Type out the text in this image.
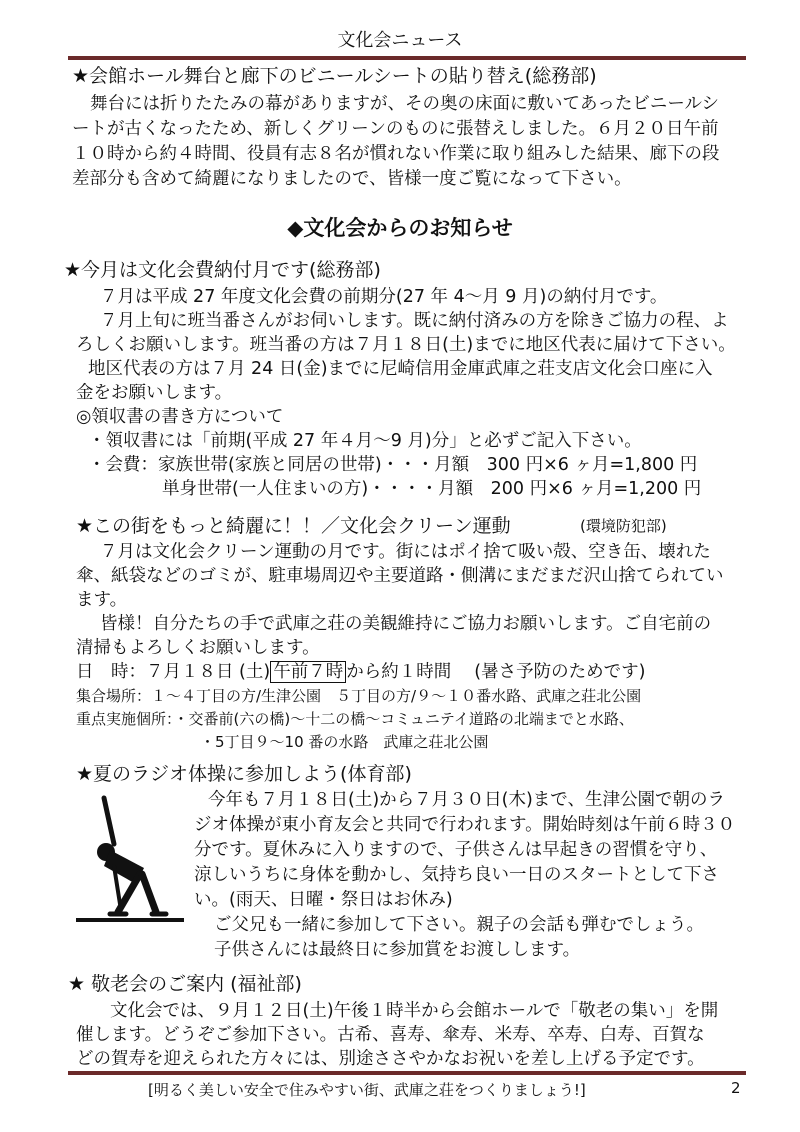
文化会ニュース
★会館ホール舞台と廊下のビニールシートの貼り替え(総務部)
舞台には折りたたみの幕がありますが、その奥の床面に敷いてあったビニールシ
ートが古くなったため、新しくグリーンのものに張替えしました。６月２０日午前
１０時から約４時間、役員有志８名が慣れない作業に取り組みした結果、廊下の段
差部分も含めて綺麗になりましたので、皆様一度ご覧になって下さい。
◆文化会からのお知らせ
★今月は文化会費納付月です(総務部)
７月は平成 27 年度文化会費の前期分(27 年 4～月 9 月)の納付月です。
７月上旬に班当番さんがお伺いします。既に納付済みの方を除きご協力の程、よ
ろしくお願いします。班当番の方は７月１８日(土)までに地区代表に届けて下さい。
地区代表の方は７月 24 日(金)までに尼崎信用金庫武庫之荘支店文化会口座に入
金をお願いします。
◎領収書の書き方について
・領収書には「前期(平成 27 年４月～9 月)分」と必ずご記入下さい。
・会費：家族世帯(家族と同居の世帯)・・・月額　300 円×6 ヶ月=1,800 円
単身世帯(一人住まいの方)・・・・月額　200 円×6 ヶ月=1,200 円
★この街をもっと綺麗に！！／文化会クリーン運動	(環境防犯部)
７月は文化会クリーン運動の月です。街にはポイ捨て吸い殻、空き缶、壊れた
傘、紙袋などのゴミが、駐車場周辺や主要道路・側溝にまだまだ沢山捨てられてい
ます。
皆様！自分たちの手で武庫之荘の美観維持にご協力お願いします。ご自宅前の
清掃もよろしくお願いします。
日　時：７月１８日 (土) 午前７時 から約１時間　 (暑さ予防のためです)
集合場所：１～４丁目の方/生津公園　５丁目の方/９～１０番水路、武庫之荘北公園
重点実施個所：・交番前(六の橋)～十二の橋～コミュニテイ道路の北端までと水路、
・5丁目９～10 番の水路　武庫之荘北公園
★夏のラジオ体操に参加しよう(体育部)
今年も７月１８日(土)から７月３０日(木)まで、生津公園で朝のラ
ジオ体操が東小育友会と共同で行われます。開始時刻は午前６時３０
分です。夏休みに入りますので、子供さんは早起きの習慣を守り、
涼しいうちに身体を動かし、気持ち良い一日のスタートとして下さ
い。(雨天、日曜・祭日はお休み)
ご父兄も一緒に参加して下さい。親子の会話も弾むでしょう。
子供さんには最終日に参加賞をお渡しします。
★ 敬老会のご案内 (福祉部)
文化会では、９月１２日(土)午後１時半から会館ホールで「敬老の集い」を開
催します。どうぞご参加下さい。古希、喜寿、傘寿、米寿、卒寿、白寿、百賀な
どの賀寿を迎えられた方々には、別途ささやかなお祝いを差し上げる予定です。
[明るく美しい安全で住みやすい街、武庫之荘をつくりましょう!]	2
